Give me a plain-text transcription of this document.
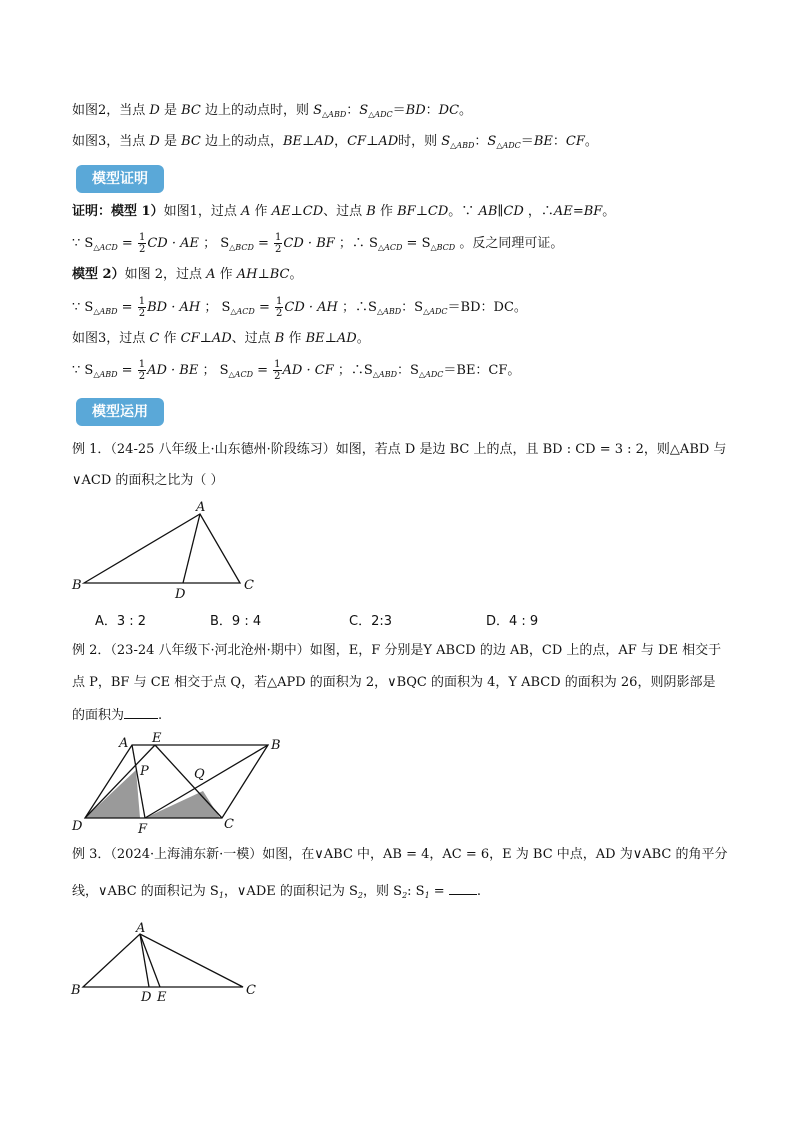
如图2，当点 D 是 BC 边上的动点时，则 $S_{\triangle ABD}$：$S_{\triangle ADC}=BD$：DC。
如图3，当点 D 是 BC 边上的动点，BE⊥AD，CF⊥AD时，则 $S_{\triangle ABD}$：$S_{\triangle ADC}=BE$：CF。
模型证明
证明：模型 1）如图1，过点 A 作 AE⊥CD、过点 B 作 BF⊥CD。∵ AB∥CD ，∴AE=BF。
∵ $S_{\triangle ACD} = \frac{1}{2}$ CD · AE ； $S_{\triangle BCD} = \frac{1}{2}$ CD · BF ；∴ $S_{\triangle ACD} = S_{\triangle BCD}$ 。反之同理可证。
模型 2）如图 2，过点 A 作 AH⊥BC。
∵ $S_{\triangle ABD} = \frac{1}{2}$ BD · AH ； $S_{\triangle ACD} = \frac{1}{2}$ CD · AH ；$\therefore S_{\triangle ABD}$：$S_{\triangle ADC}=BD$：DC。
如图3，过点 C 作 CF⊥AD、过点 B 作 BE⊥AD。
∵ $S_{\triangle ABD} = \frac{1}{2}$ AD · BE ； $S_{\triangle ACD} = \frac{1}{2}$ AD · CF ；$\therefore S_{\triangle ABD}$：$S_{\triangle ADC}=BE$：CF。
模型运用
例 1．（24-25 八年级上·山东德州·阶段练习）如图，若点 D 是边 BC 上的点，且 BD : CD = 3 : 2，则△ABD 与
∨ACD 的面积之比为（ ）
A
B	C
D
A．3 : 2	B．9 : 4	C．2:3	D．4 : 9
例 2．（23-24 八年级下·河北沧州·期中）如图，E，F 分别是Y ABCD 的边 AB，CD 上的点，AF 与 DE 相交于
点 P，BF 与 CE 相交于点 Q，若△APD 的面积为 2，∨BQC 的面积为 4，Y ABCD 的面积为 26，则阴影部是
的面积为	.
A E	B
P	Q
D	F	C
例 3．（2024·上海浦东新·一模）如图，在∨ABC 中，AB = 4，AC = 6，E 为 BC 中点，AD 为∨ABC 的角平分
线，∨ABC 的面积记为 $S_1$，∨ADE 的面积记为 $S_2$，则 $S_2$: $S_1$ = .
A
B	D E	C
